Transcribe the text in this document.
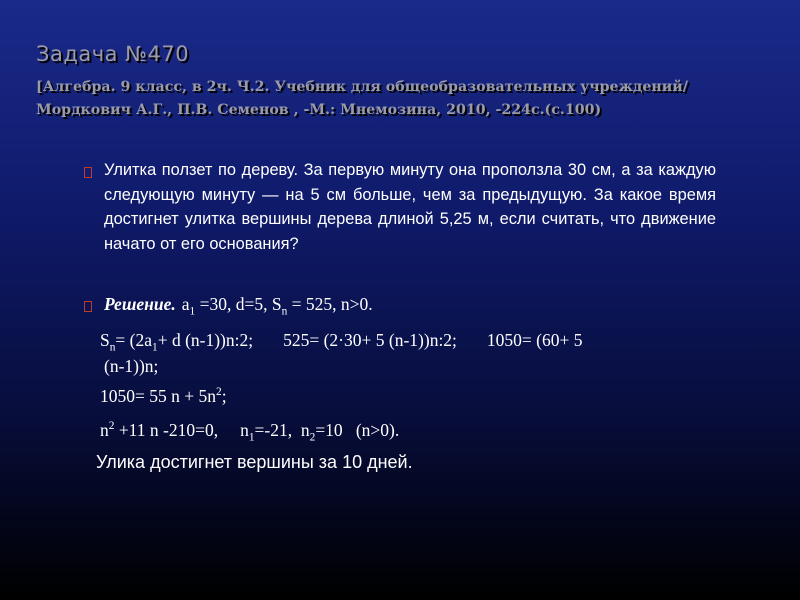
Задача №470
[Алгебра. 9 класс, в 2ч. Ч.2. Учебник для общеобразовательных учреждений/
Мордкович А.Г., П.В. Семенов , -М.: Мнемозина, 2010, -224с.(с.100)
Улитка ползет по дереву. За первую минуту она проползла 30 см, а за каждую следующую минуту — на 5 см больше, чем за предыдущую. За какое время достигнет улитка вершины дерева длиной 5,25 м, если считать, что движение начато от его основания?
Решение. $a_1 =30$, d=5, $S_n = 525$, n>0.
$S_n= (2a_1+ d$ (n-1))n:2; 525= (2·30+ 5 (n-1))n:2; 1050= (60+ 5
(n-1))n;
1050= 55 $n + 5n^2$;
$n^2 +11$ n -210=0, $n_1=-21$, $n_2=10$ (n>0).
Улика достигнет вершины за 10 дней.
